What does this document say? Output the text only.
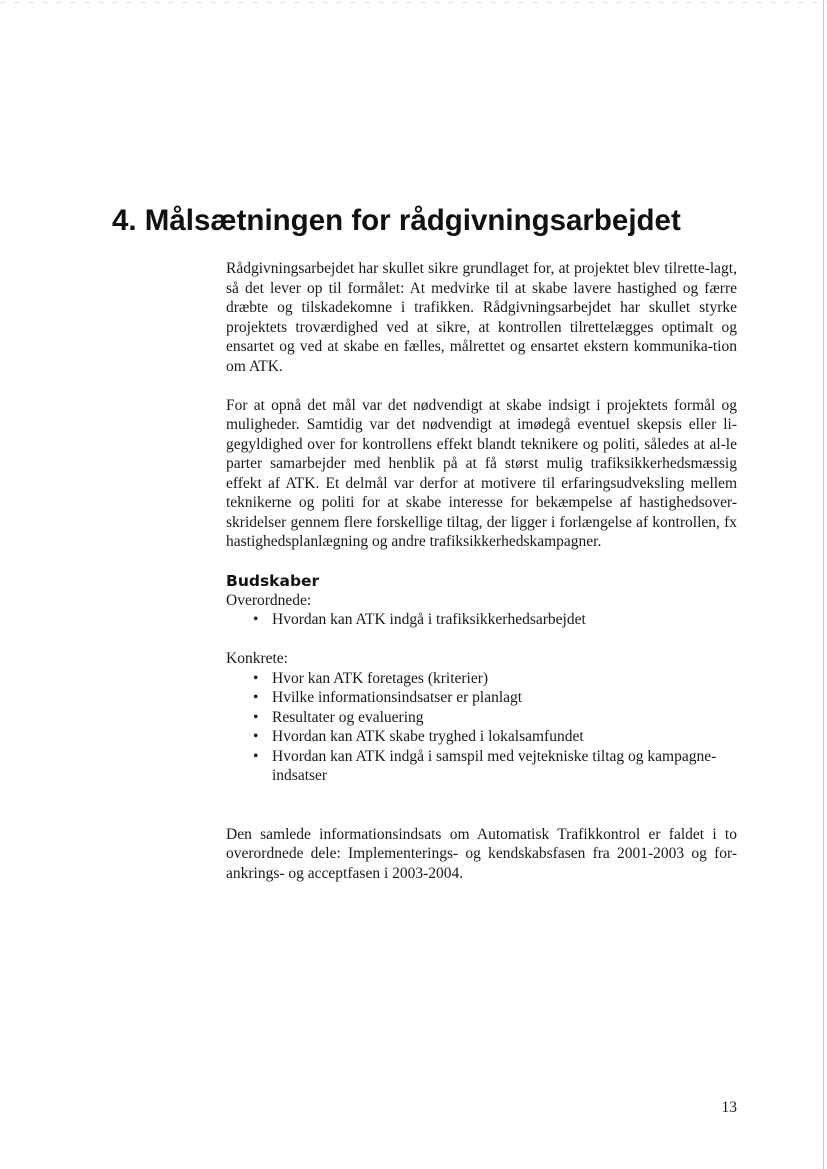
4. Målsætningen for rådgivningsarbejdet

Rådgivningsarbejdet har skullet sikre grundlaget for, at projektet blev tilrette-lagt, så det lever op til formålet: At medvirke til at skabe lavere hastighed og færre dræbte og tilskadekomne i trafikken. Rådgivningsarbejdet har skullet styrke projektets troværdighed ved at sikre, at kontrollen tilrettelægges optimalt og ensartet og ved at skabe en fælles, målrettet og ensartet ekstern kommunika-tion om ATK.

For at opnå det mål var det nødvendigt at skabe indsigt i projektets formål og muligheder. Samtidig var det nødvendigt at imødegå eventuel skepsis eller li-gegyldighed over for kontrollens effekt blandt teknikere og politi, således at al-le parter samarbejder med henblik på at få størst mulig trafiksikkerhedsmæssig effekt af ATK. Et delmål var derfor at motivere til erfaringsudveksling mellem teknikerne og politi for at skabe interesse for bekæmpelse af hastighedsover-skridelser gennem flere forskellige tiltag, der ligger i forlængelse af kontrollen, fx hastighedsplanlægning og andre trafiksikkerhedskampagner.

Budskaber

Overordnede:

• Hvordan kan ATK indgå i trafiksikkerhedsarbejdet

Konkrete:

• Hvor kan ATK foretages (kriterier)
• Hvilke informationsindsatser er planlagt
• Resultater og evaluering
• Hvordan kan ATK skabe tryghed i lokalsamfundet
• Hvordan kan ATK indgå i samspil med vejtekniske tiltag og kampagne-indsatser

Den samlede informationsindsats om Automatisk Trafikkontrol er faldet i to overordnede dele: Implementerings- og kendskabsfasen fra 2001-2003 og for-ankrings- og acceptfasen i 2003-2004.

13
